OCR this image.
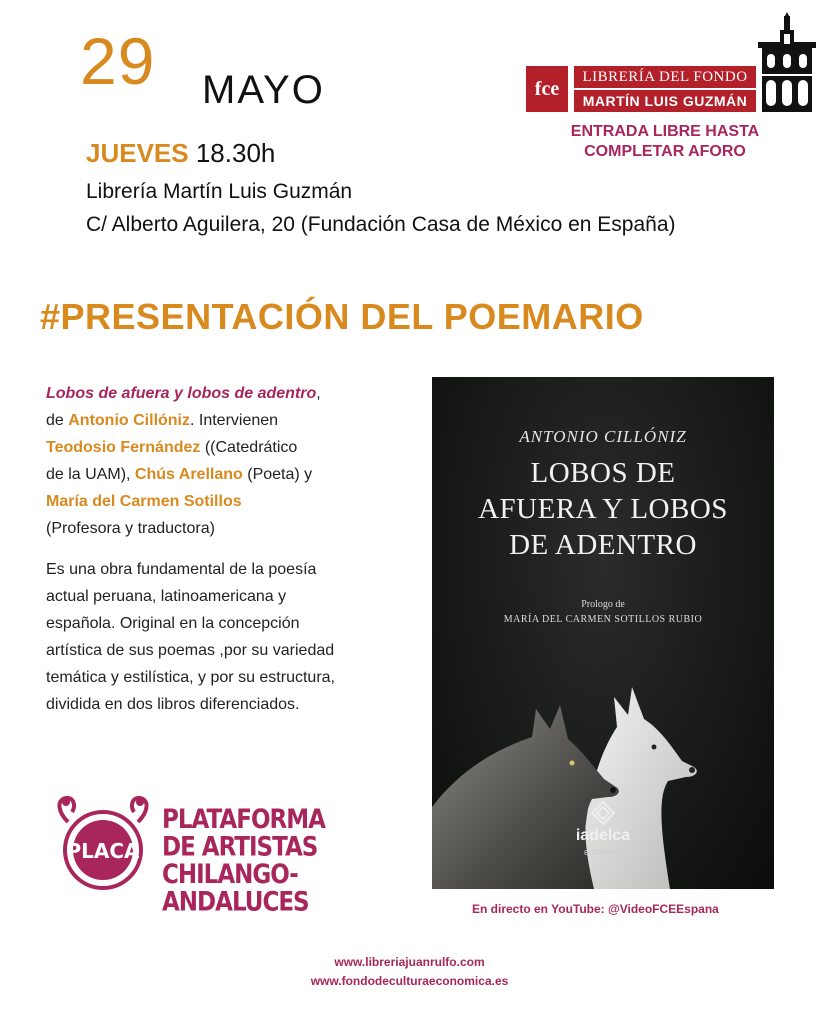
29 MAYO
JUEVES 18.30h
Librería Martín Luis Guzmán
C/ Alberto Aguilera, 20 (Fundación Casa de México en España)
fce
LIBRERÍA DEL FONDO
MARTÍN LUIS GUZMÁN
ENTRADA LIBRE HASTA
COMPLETAR AFORO
#PRESENTACIÓN DEL POEMARIO
Lobos de afuera y lobos de adentro,
de Antonio Cillóniz. Intervienen
Teodosio Fernández ((Catedrático
de la UAM), Chús Arellano (Poeta) y
María del Carmen Sotillos
(Profesora y traductora)
Es una obra fundamental de la poesía
actual peruana, latinoamericana y
española. Original en la concepción
artística de sus poemas ,por su variedad
temática y estilística, y por su estructura,
dividida en dos libros diferenciados.
ANTONIO CILLÓNIZ
LOBOS DE
AFUERA Y LOBOS
DE ADENTRO
Prologo de
MARÍA DEL CARMEN SOTILLOS RUBIO
iadelca
ediciones
En directo en YouTube: @VideoFCEEspana
PLACA
PLATAFORMA
DE ARTISTAS
CHILANGO-ANDALUCES
www.libreriajuanrulfo.com
www.fondodeculturaeconomica.es
